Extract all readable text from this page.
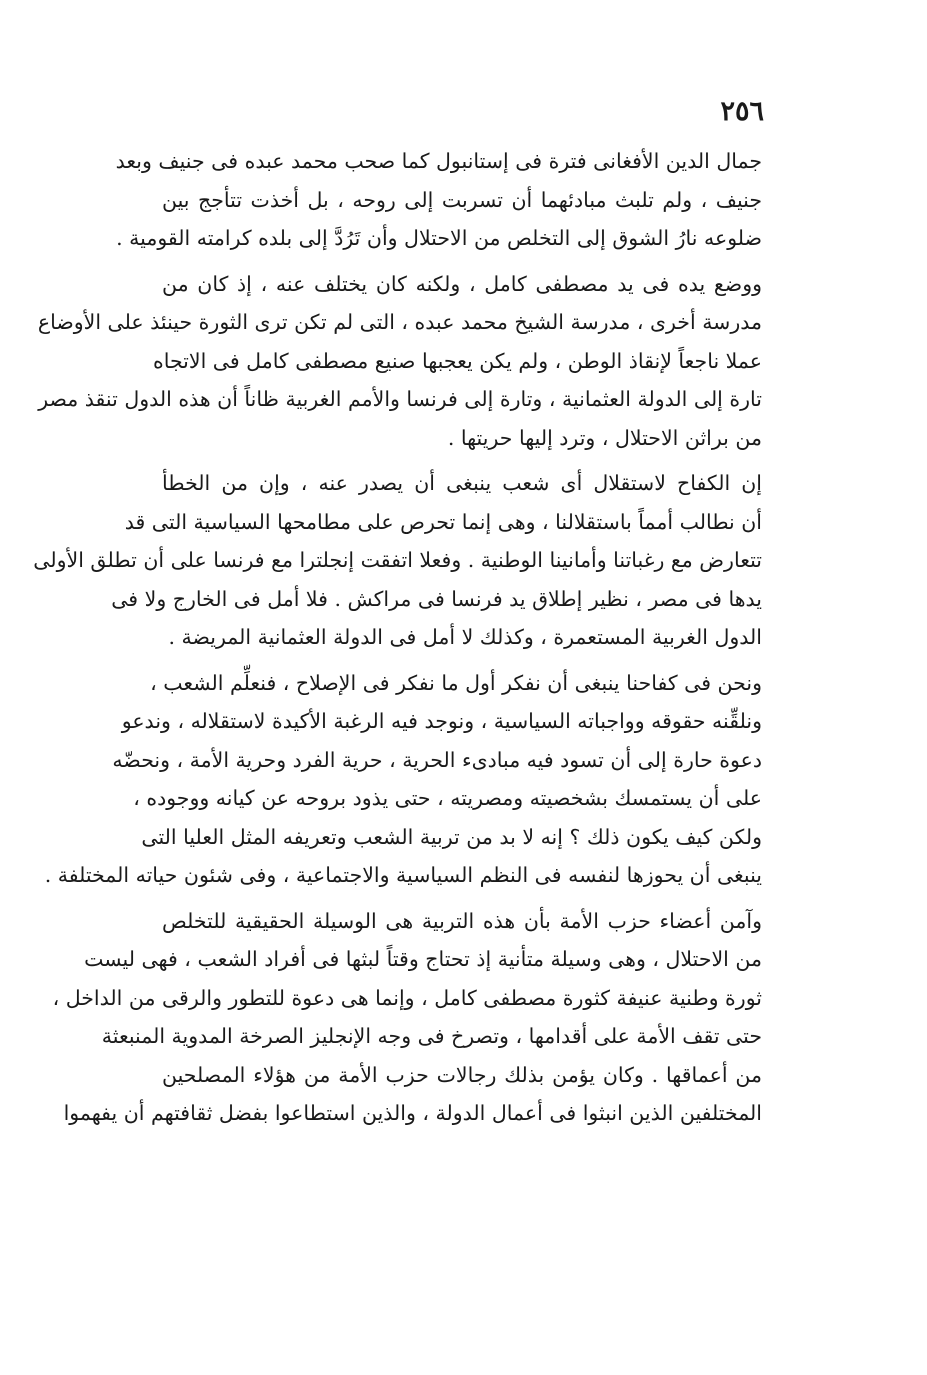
٢٥٦
جمال الدين الأفغانى فترة فى إستانبول كما صحب محمد عبده فى جنيف وبعد
جنيف ، ولم تلبث مبادئهما أن تسربت إلى روحه ، بل أخذت تتأجج بين
ضلوعه نارُ الشوق إلى التخلص من الاحتلال وأن تَرُدَّ إلى بلده كرامته القومية .
ووضع يده فى يد مصطفى كامل ، ولكنه كان يختلف عنه ، إذ كان من
مدرسة أخرى ، مدرسة الشيخ محمد عبده ، التى لم تكن ترى الثورة حينئذ على الأوضاع
عملا ناجعاً لإنقاذ الوطن ، ولم يكن يعجبها صنيع مصطفى كامل فى الاتجاه
تارة إلى الدولة العثمانية ، وتارة إلى فرنسا والأمم الغربية ظاناً أن هذه الدول تنقذ مصر
من براثن الاحتلال ، وترد إليها حريتها .
إن الكفاح لاستقلال أى شعب ينبغى أن يصدر عنه ، وإن من الخطأ
أن نطالب أمماً باستقلالنا ، وهى إنما تحرص على مطامحها السياسية التى قد
تتعارض مع رغباتنا وأمانينا الوطنية . وفعلا اتفقت إنجلترا مع فرنسا على أن تطلق الأولى
يدها فى مصر ، نظير إطلاق يد فرنسا فى مراكش . فلا أمل فى الخارج ولا فى
الدول الغربية المستعمرة ، وكذلك لا أمل فى الدولة العثمانية المريضة .
ونحن فى كفاحنا ينبغى أن نفكر أول ما نفكر فى الإصلاح ، فنعلِّم الشعب ،
ونلقِّنه حقوقه وواجباته السياسية ، ونوجد فيه الرغبة الأكيدة لاستقلاله ، وندعو
دعوة حارة إلى أن تسود فيه مبادىء الحرية ، حرية الفرد وحرية الأمة ، ونحضّه
على أن يستمسك بشخصيته ومصريته ، حتى يذود بروحه عن كيانه ووجوده ،
ولكن كيف يكون ذلك ؟ إنه لا بد من تربية الشعب وتعريفه المثل العليا التى
ينبغى أن يحوزها لنفسه فى النظم السياسية والاجتماعية ، وفى شئون حياته المختلفة .
وآمن أعضاء حزب الأمة بأن هذه التربية هى الوسيلة الحقيقية للتخلص
من الاحتلال ، وهى وسيلة متأنية إذ تحتاج وقتاً لبثها فى أفراد الشعب ، فهى ليست
ثورة وطنية عنيفة كثورة مصطفى كامل ، وإنما هى دعوة للتطور والرقى من الداخل ،
حتى تقف الأمة على أقدامها ، وتصرخ فى وجه الإنجليز الصرخة المدوية المنبعثة
من أعماقها . وكان يؤمن بذلك رجالات حزب الأمة من هؤلاء المصلحين
المختلفين الذين انبثوا فى أعمال الدولة ، والذين استطاعوا بفضل ثقافتهم أن يفهموا
